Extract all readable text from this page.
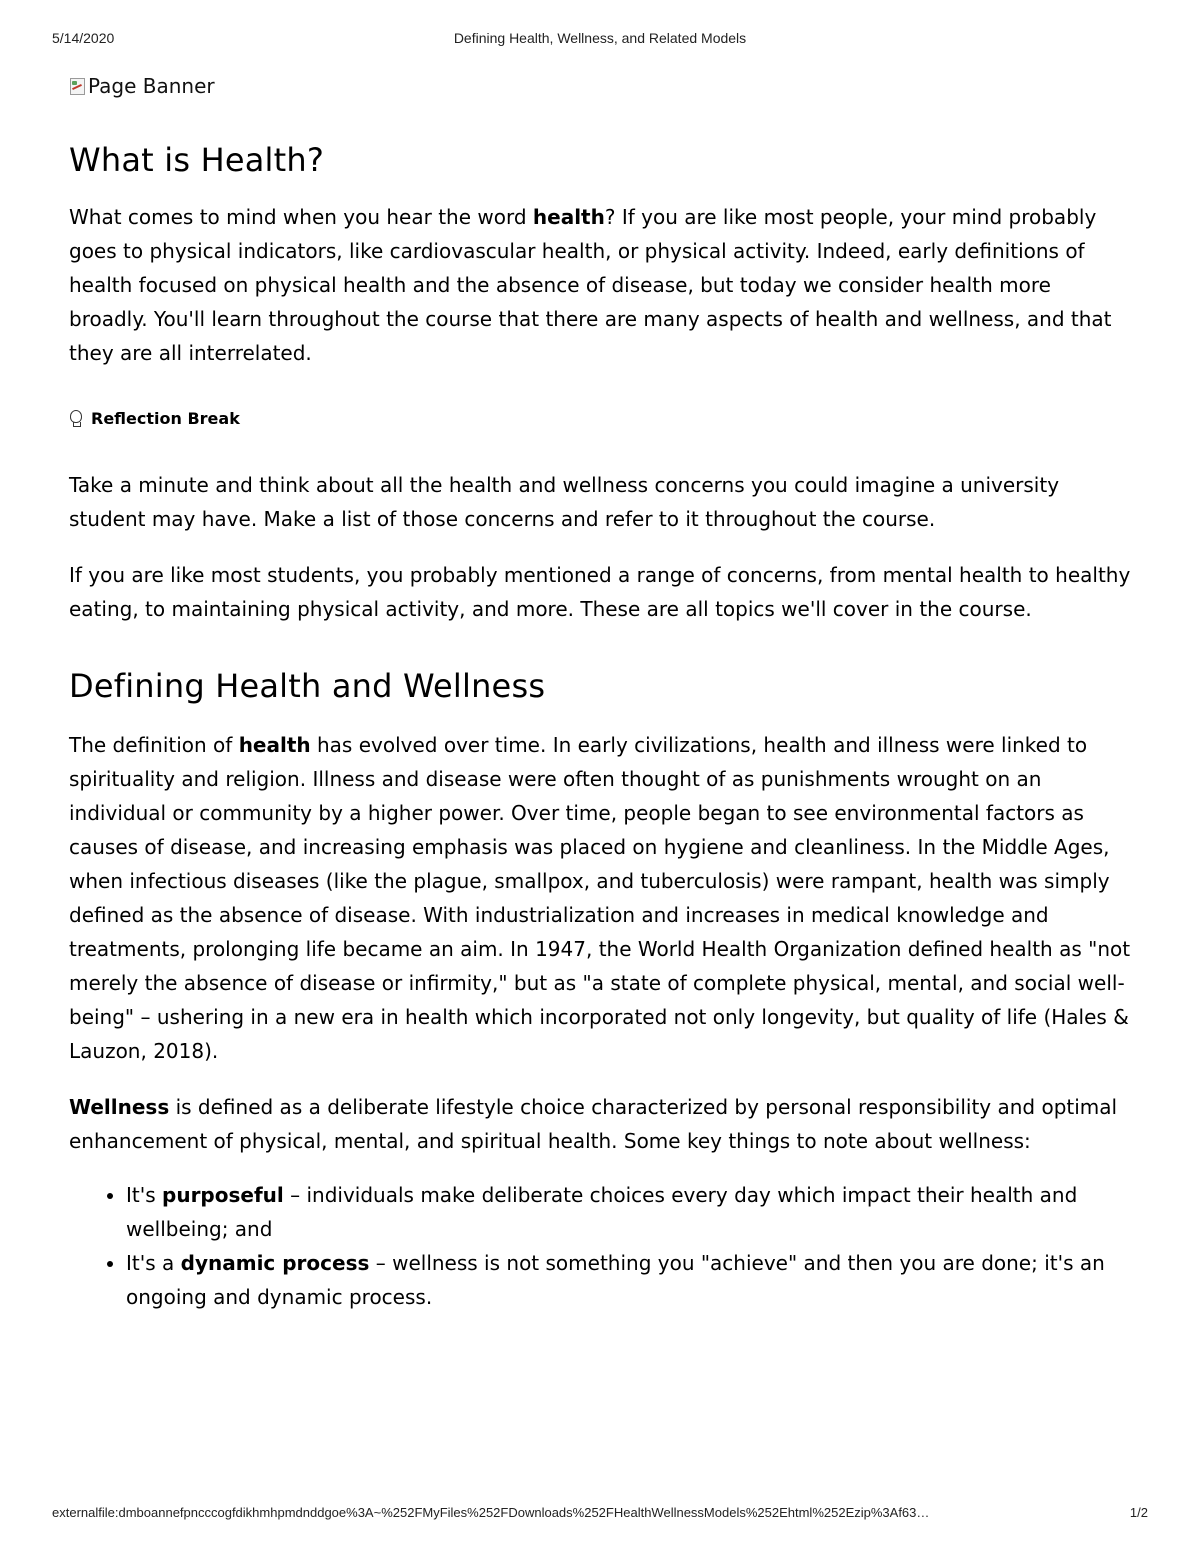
5/14/2020	Defining Health, Wellness, and Related Models
Page Banner
What is Health?

What comes to mind when you hear the word health? If you are like most people, your mind probably goes to physical indicators, like cardiovascular health, or physical activity. Indeed, early definitions of health focused on physical health and the absence of disease, but today we consider health more broadly. You'll learn throughout the course that there are many aspects of health and wellness, and that they are all interrelated.

Reflection Break

Take a minute and think about all the health and wellness concerns you could imagine a university student may have. Make a list of those concerns and refer to it throughout the course.

If you are like most students, you probably mentioned a range of concerns, from mental health to healthy eating, to maintaining physical activity, and more. These are all topics we'll cover in the course.

Defining Health and Wellness

The definition of health has evolved over time. In early civilizations, health and illness were linked to spirituality and religion. Illness and disease were often thought of as punishments wrought on an individual or community by a higher power. Over time, people began to see environmental factors as causes of disease, and increasing emphasis was placed on hygiene and cleanliness. In the Middle Ages, when infectious diseases (like the plague, smallpox, and tuberculosis) were rampant, health was simply defined as the absence of disease. With industrialization and increases in medical knowledge and treatments, prolonging life became an aim. In 1947, the World Health Organization defined health as "not merely the absence of disease or infirmity," but as "a state of complete physical, mental, and social well-being" – ushering in a new era in health which incorporated not only longevity, but quality of life (Hales & Lauzon, 2018).

Wellness is defined as a deliberate lifestyle choice characterized by personal responsibility and optimal enhancement of physical, mental, and spiritual health. Some key things to note about wellness:

• It's purposeful – individuals make deliberate choices every day which impact their health and wellbeing; and
• It's a dynamic process – wellness is not something you "achieve" and then you are done; it's an ongoing and dynamic process.
externalfile:dmboannefpncccogfdikhmhpmdnddgoe%3A~%252FMyFiles%252FDownloads%252FHealthWellnessModels%252Ehtml%252Ezip%3Af63…	1/2
